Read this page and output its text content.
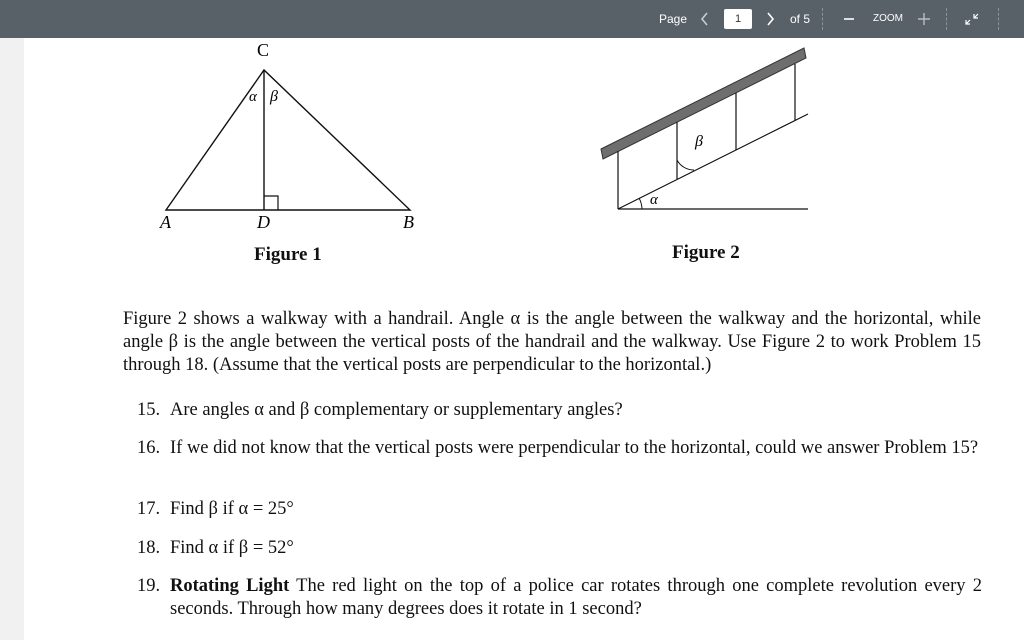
Page	1	of 5	ZOOM
C
α β
A	D	B
Figure 1
α
β
Figure 2
Figure 2 shows a walkway with a handrail. Angle α is the angle between the walkway and the horizontal, while angle β is the angle between the vertical posts of the handrail and the walkway. Use Figure 2 to work Problem 15 through 18. (Assume that the vertical posts are perpendicular to the horizontal.)
15. Are angles α and β complementary or supplementary angles?
16. If we did not know that the vertical posts were perpendicular to the horizontal, could we answer Problem 15?
17. Find β if α = 25°
18. Find α if β = 52°
19. Rotating Light The red light on the top of a police car rotates through one complete revolution every 2 seconds. Through how many degrees does it rotate in 1 second?
